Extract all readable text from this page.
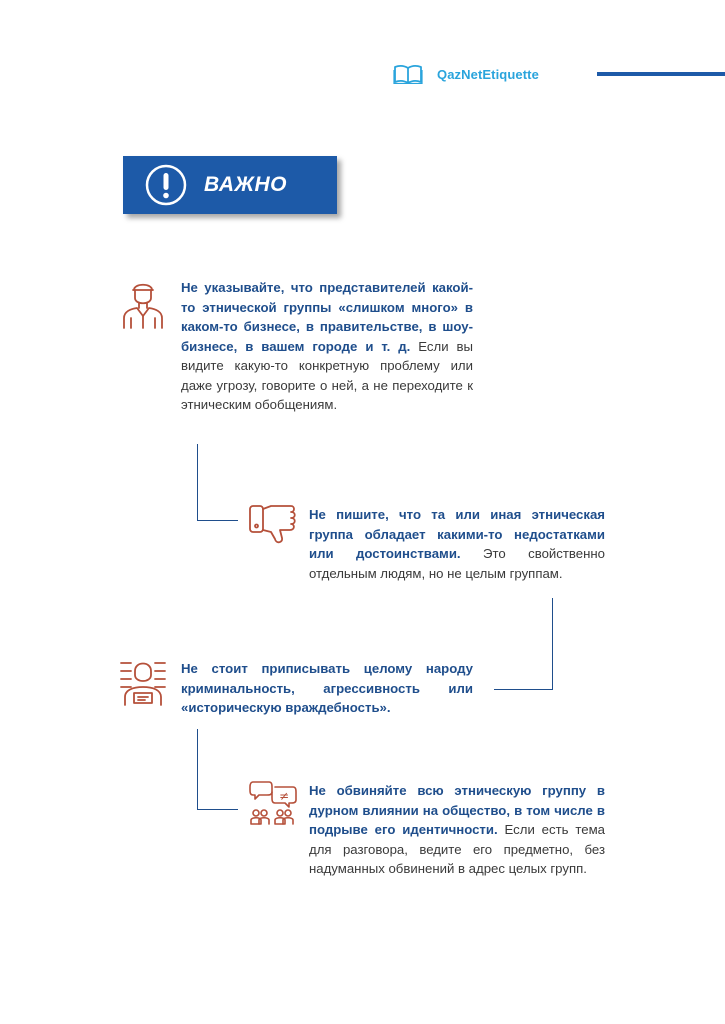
QazNetEtiquette
ВАЖНО
Не указывайте, что представителей какой-то этнической группы «слишком много» в каком-то бизнесе, в правительстве, в шоу-бизнесе, в вашем городе и т. д. Если вы видите какую-то конкретную проблему или даже угрозу, говорите о ней, а не переходите к этническим обобщениям.
Не пишите, что та или иная этническая группа обладает какими-то недостатками или достоинствами. Это свойственно отдельным людям, но не целым группам.
Не стоит приписывать целому народу криминальность, агрессивность или «историческую враждебность».
≠ Не обвиняйте всю этническую группу в дурном влиянии на общество, в том числе в подрыве его идентичности. Если есть тема для разговора, ведите его предметно, без надуманных обвинений в адрес целых групп.
